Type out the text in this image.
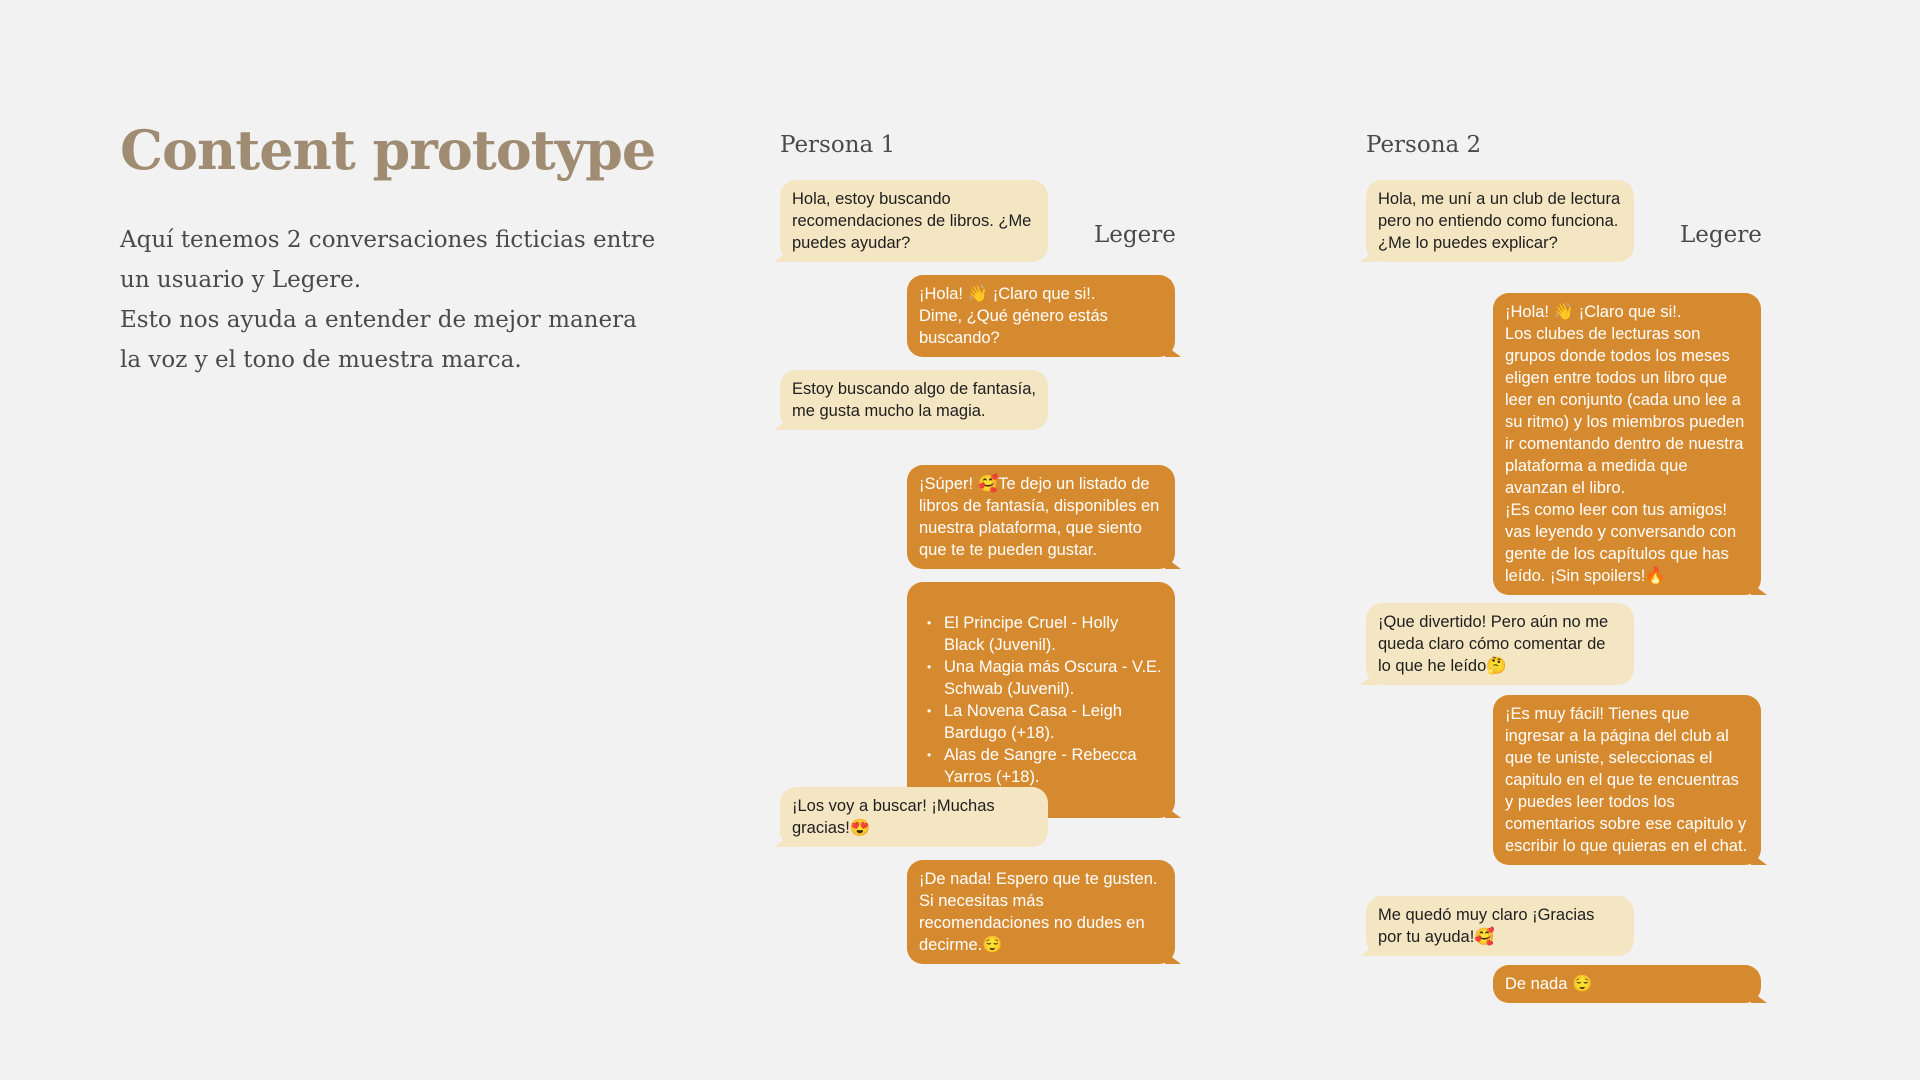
Content prototype

Aquí tenemos 2 conversaciones ficticias entre un usuario y Legere.

Esto nos ayuda a entender de mejor manera la voz y el tono de muestra marca.

Persona 1
Legere
Hola, estoy buscando recomendaciones de libros. ¿Me puedes ayudar?
¡Hola! 👋 ¡Claro que si!.
Dime, ¿Qué género estás buscando?
Estoy buscando algo de fantasía, me gusta mucho la magia.
¡Súper! 🥰Te dejo un listado de libros de fantasía, disponibles en nuestra plataforma, que siento que te te pueden gustar.

• El Principe Cruel - Holly Black (Juvenil).
• Una Magia más Oscura - V.E. Schwab (Juvenil).
• La Novena Casa - Leigh Bardugo (+18).
• Alas de Sangre - Rebecca Yarros (+18).

¡Los voy a buscar! ¡Muchas gracias!😍
¡De nada! Espero que te gusten. Si necesitas más recomendaciones no dudes en decirme.😌
Persona 2
Legere
Hola, me uní a un club de lectura pero no entiendo como funciona. ¿Me lo puedes explicar?
¡Hola! 👋 ¡Claro que si!.
Los clubes de lecturas son grupos donde todos los meses eligen entre todos un libro que leer en conjunto (cada uno lee a su ritmo) y los miembros pueden ir comentando dentro de nuestra plataforma a medida que avanzan el libro.
¡Es como leer con tus amigos! vas leyendo y conversando con gente de los capítulos que has leído. ¡Sin spoilers!🔥
¡Que divertido! Pero aún no me queda claro cómo comentar de lo que he leído🤔
¡Es muy fácil! Tienes que ingresar a la página del club al que te uniste, seleccionas el capitulo en el que te encuentras y puedes leer todos los comentarios sobre ese capitulo y escribir lo que quieras en el chat.
Me quedó muy claro ¡Gracias por tu ayuda!🥰
De nada 😌
